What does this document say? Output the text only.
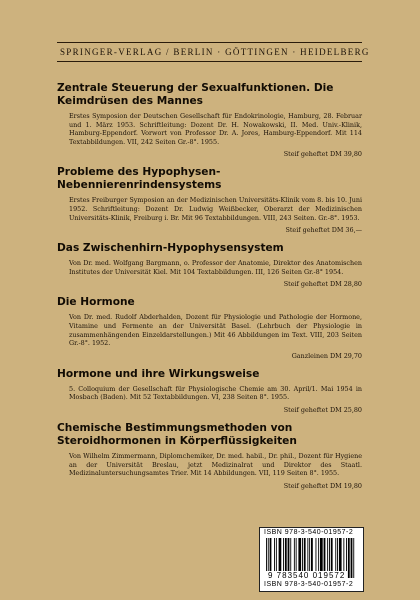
SPRINGER-VERLAG / BERLIN · GÖTTINGEN · HEIDELBERG
Zentrale Steuerung der Sexualfunktionen. Die Keimdrüsen des Mannes

Erstes Symposion der Deutschen Gesellschaft für Endokrinologie, Hamburg, 28. Februar und 1. März 1953. Schriftleitung: Dozent Dr. H. Nowakowski, II. Med. Univ.-Klinik, Hamburg-Eppendorf. Vorwort von Professor Dr. A. Jores, Hamburg-Eppendorf. Mit 114 Textabbildungen. VII, 242 Seiten Gr.-8°. 1955.

Steif geheftet DM 39,80

Probleme des Hypophysen-Nebennierenrindensystems

Erstes Freiburger Symposion an der Medizinischen Universitäts-Klinik vom 8. bis 10. Juni 1952. Schriftleitung: Dozent Dr. Ludwig Weißbecker, Oberarzt der Medizinischen Universitäts-Klinik, Freiburg i. Br. Mit 96 Textabbildungen. VIII, 243 Seiten. Gr.-8°. 1953.

Steif geheftet DM 36,—

Das Zwischenhirn-Hypophysensystem

Von Dr. med. Wolfgang Bargmann, o. Professor der Anatomie, Direktor des Anatomischen Institutes der Universität Kiel. Mit 104 Textabbildungen. III, 126 Seiten Gr.-8° 1954.

Steif geheftet DM 28,80

Die Hormone

Von Dr. med. Rudolf Abderhalden, Dozent für Physiologie und Pathologie der Hormone, Vitamine und Fermente an der Universität Basel. (Lehrbuch der Physiologie in zusammenhängenden Einzeldarstellungen.) Mit 46 Abbildungen im Text. VIII, 203 Seiten Gr.-8°. 1952.

Ganzleinen DM 29,70

Hormone und ihre Wirkungsweise

5. Colloquium der Gesellschaft für Physiologische Chemie am 30. April/1. Mai 1954 in Mosbach (Baden). Mit 52 Textabbildungen. VI, 238 Seiten 8°. 1955.

Steif geheftet DM 25,80

Chemische Bestimmungsmethoden von Steroidhormonen in Körperflüssigkeiten

Von Wilhelm Zimmermann, Diplomchemiker, Dr. med. habil., Dr. phil., Dozent für Hygiene an der Universität Breslau, jetzt Medizinalrat und Direktor des Staatl. Medizinaluntersuchungsamtes Trier. Mit 14 Abbildungen. VII, 119 Seiten 8°. 1955.

Steif geheftet DM 19,80

ISBN 978-3-540-01957-2
9 783540 019572
ISBN 978-3-540-01957-2
